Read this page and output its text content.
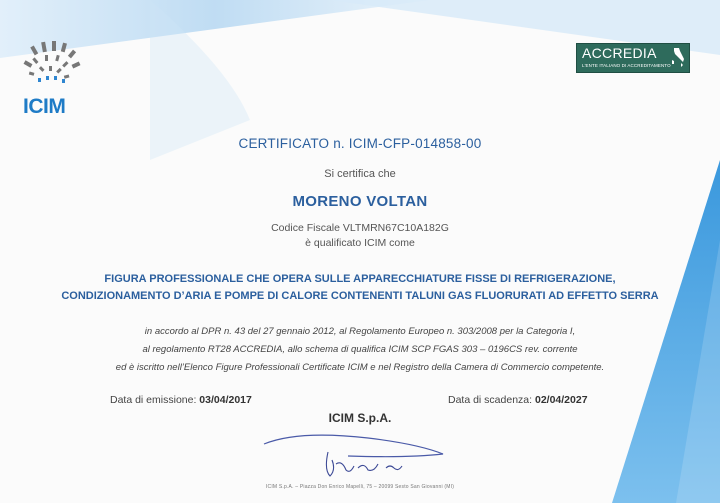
ICIM
ACCREDIA
L'ENTE ITALIANO DI ACCREDITAMENTO
CERTIFICATO n. ICIM-CFP-014858-00
Si certifica che
MORENO VOLTAN
Codice Fiscale VLTMRN67C10A182G
è qualificato ICIM come
FIGURA PROFESSIONALE CHE OPERA SULLE APPARECCHIATURE FISSE DI REFRIGERAZIONE,
CONDIZIONAMENTO D’ARIA E POMPE DI CALORE CONTENENTI TALUNI GAS FLUORURATI AD EFFETTO SERRA
in accordo al DPR n. 43 del 27 gennaio 2012, al Regolamento Europeo n. 303/2008 per la Categoria I,
al regolamento RT28 ACCREDIA, allo schema di qualifica ICIM SCP FGAS 303 – 0196CS rev. corrente
ed è iscritto nell’Elenco Figure Professionali Certificate ICIM e nel Registro della Camera di Commercio competente.
Data di emissione: 03/04/2017	Data di scadenza: 02/04/2027
ICIM S.p.A.
ICIM S.p.A. – Piazza Don Enrico Mapelli, 75 – 20099 Sesto San Giovanni (MI)
